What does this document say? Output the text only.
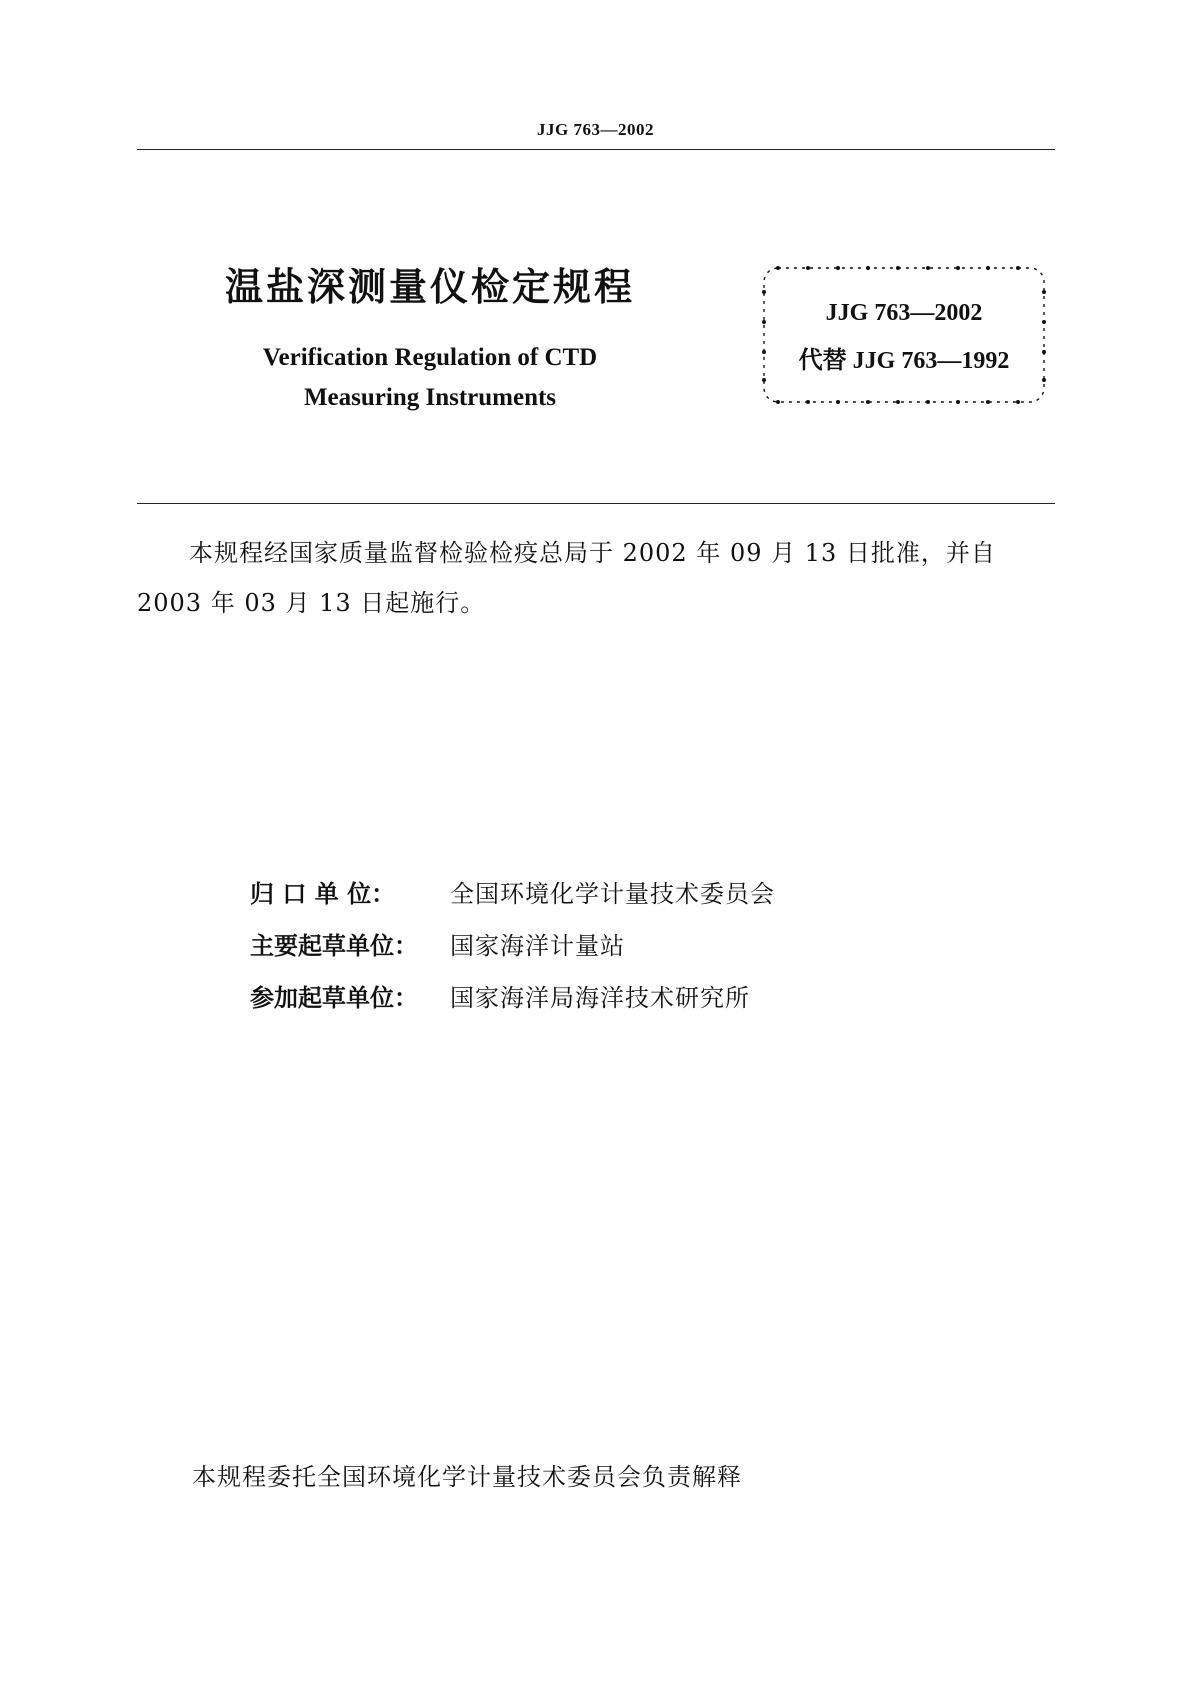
JJG 763—2002
温盐深测量仪检定规程
Verification Regulation of CTD
Measuring Instruments
JJG 763—2002
代替 JJG 763—1992
本规程经国家质量监督检验检疫总局于 2002 年 09 月 13 日批准，并自 2003 年 03 月 13 日起施行。
归 口 单 位：	全国环境化学计量技术委员会
主要起草单位：	国家海洋计量站
参加起草单位：	国家海洋局海洋技术研究所
本规程委托全国环境化学计量技术委员会负责解释
